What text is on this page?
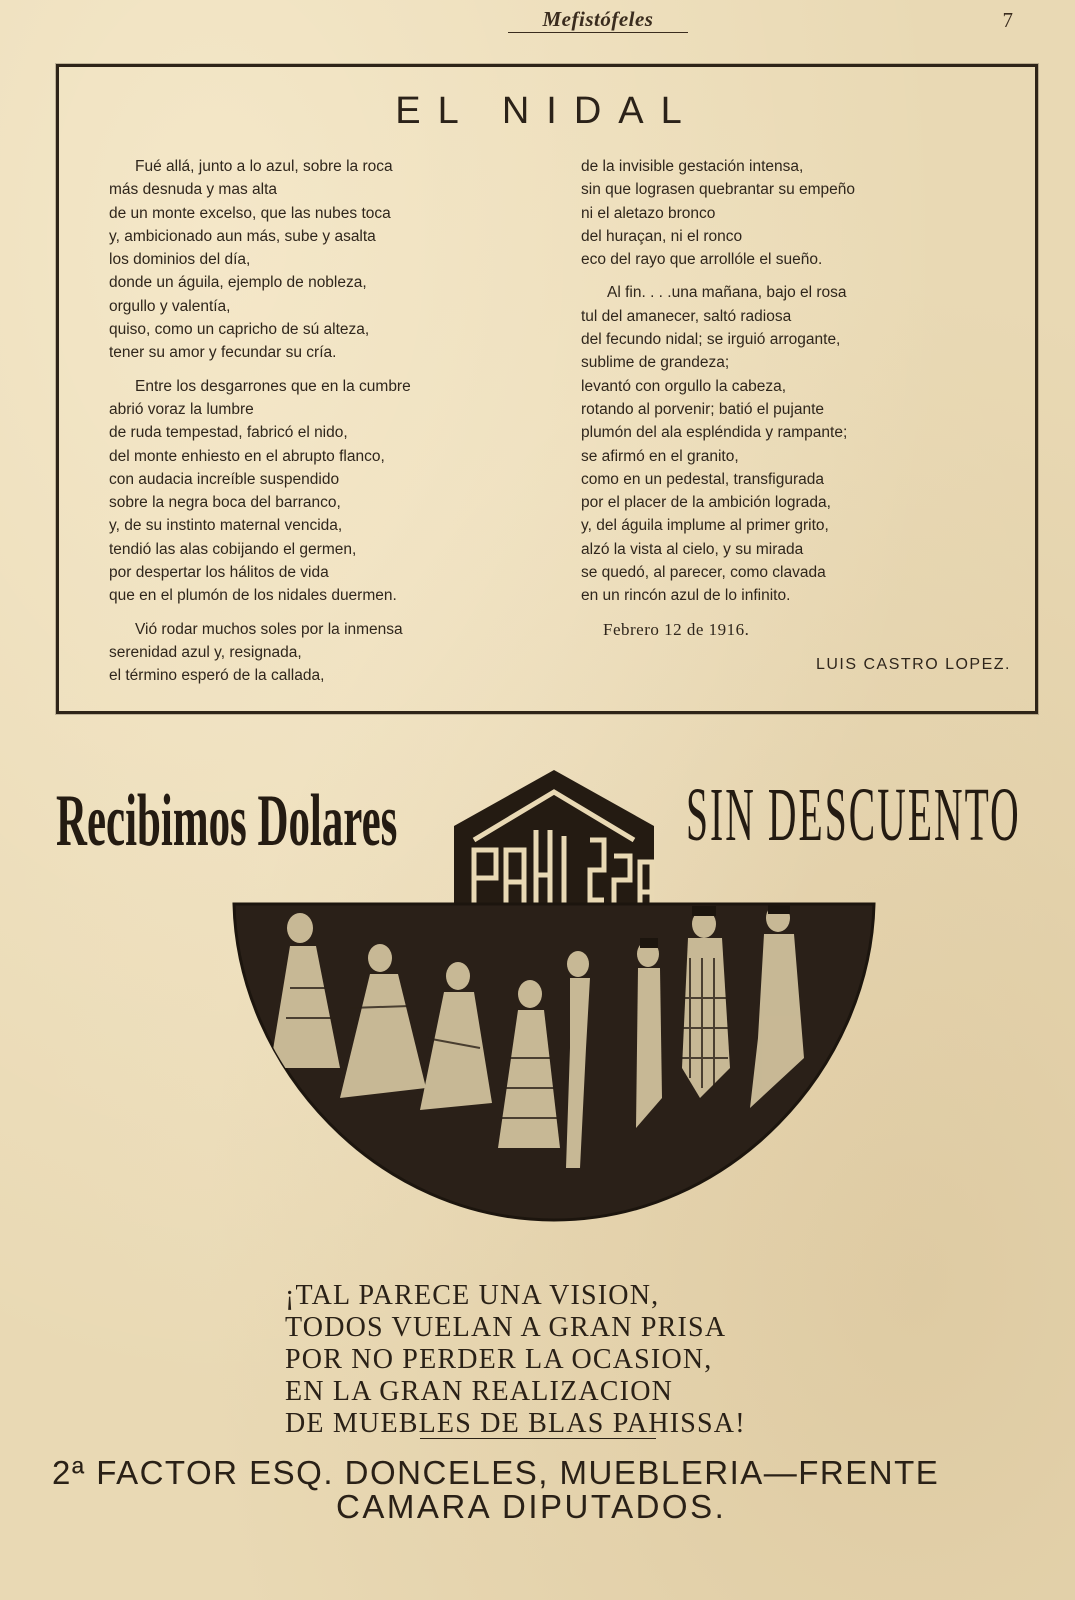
Mefistófeles	7
EL NIDAL
Fué allá, junto a lo azul, sobre la roca
más desnuda y mas alta
de un monte excelso, que las nubes toca
y, ambicionado aun más, sube y asalta
los dominios del día,
donde un águila, ejemplo de nobleza,
orgullo y valentía,
quiso, como un capricho de sú alteza,
tener su amor y fecundar su cría.
Entre los desgarrones que en la cumbre
abrió voraz la lumbre
de ruda tempestad, fabricó el nido,
del monte enhiesto en el abrupto flanco,
con audacia increíble suspendido
sobre la negra boca del barranco,
y, de su instinto maternal vencida,
tendió las alas cobijando el germen,
por despertar los hálitos de vida
que en el plumón de los nidales duermen.
Vió rodar muchos soles por la inmensa
serenidad azul y, resignada,
el término esperó de la callada,
de la invisible gestación intensa,
sin que lograsen quebrantar su empeño
ni el aletazo bronco
del huraçan, ni el ronco
eco del rayo que arrollóle el sueño.
Al fin. . . .una mañana, bajo el rosa
tul del amanecer, saltó radiosa
del fecundo nidal; se irguió arrogante,
sublime de grandeza;
levantó con orgullo la cabeza,
rotando al porvenir; batió el pujante
plumón del ala espléndida y rampante;
se afirmó en el granito,
como en un pedestal, transfigurada
por el placer de la ambición lograda,
y, del águila implume al primer grito,
alzó la vista al cielo, y su mirada
se quedó, al parecer, como clavada
en un rincón azul de lo infinito.
Febrero 12 de 1916.
LUIS CASTRO LOPEZ.
Recibimos Dolares	SIN DESCUENTO
¡TAL PARECE UNA VISION,
TODOS VUELAN A GRAN PRISA
POR NO PERDER LA OCASION,
EN LA GRAN REALIZACION
DE MUEBLES DE BLAS PAHISSA!
2ª FACTOR ESQ. DONCELES, MUEBLERIA—FRENTE
CAMARA DIPUTADOS.
